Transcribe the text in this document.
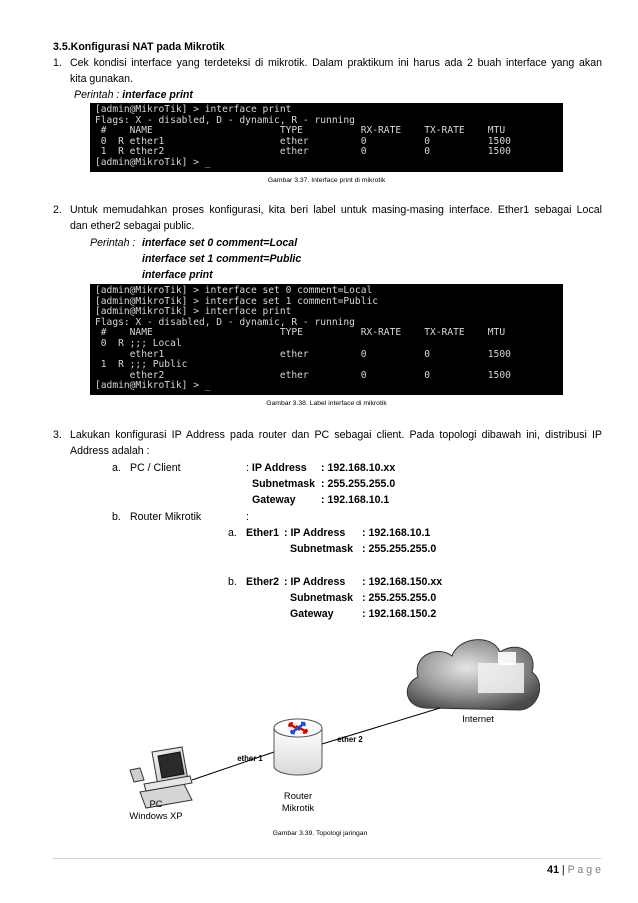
3.5.Konfigurasi NAT pada Mikrotik
1. Cek kondisi interface yang terdeteksi di mikrotik. Dalam praktikum ini harus ada 2 buah interface yang akan
kita gunakan.
Perintah : interface print
[admin@MikroTik] > interface print
Flags: X - disabled, D - dynamic, R - running
#    NAME                      TYPE          RX-RATE    TX-RATE    MTU
0  R ether1                    ether         0          0          1500
1  R ether2                    ether         0          0          1500
[admin@MikroTik] > _
Gambar 3.37. Interface print di mikrotik
2. Untuk memudahkan proses konfigurasi, kita beri label untuk masing-masing interface. Ether1 sebagai Local
dan ether2 sebagai public.
Perintah : interface set 0 comment=Local
interface set 1 comment=Public
interface print
[admin@MikroTik] > interface set 0 comment=Local
[admin@MikroTik] > interface set 1 comment=Public
[admin@MikroTik] > interface print
Flags: X - disabled, D - dynamic, R - running
#    NAME                      TYPE          RX-RATE    TX-RATE    MTU
0  R ;;; Local
ether1                    ether         0          0          1500
1  R ;;; Public
ether2                    ether         0          0          1500
[admin@MikroTik] > _
Gambar 3.38. Label interface di mikrotik
3. Lakukan konfigurasi IP Address pada router dan PC sebagai client. Pada topologi dibawah ini, distribusi IP
Address adalah :
a. PC / Client	: IP Address : 192.168.10.xx
Subnetmask : 255.255.255.0
Gateway : 192.168.10.1
b. Router Mikrotik	:
a. Ether1 : IP Address : 192.168.10.1
Subnetmask : 255.255.255.0
b. Ether2 : IP Address : 192.168.150.xx
Subnetmask : 255.255.255.0
Gateway	: 192.168.150.2
Internet
ether 2
ether 1
Router
Mikrotik
PC
Windows XP
Gambar 3.39. Topologi jaringan
41 | P a g e
